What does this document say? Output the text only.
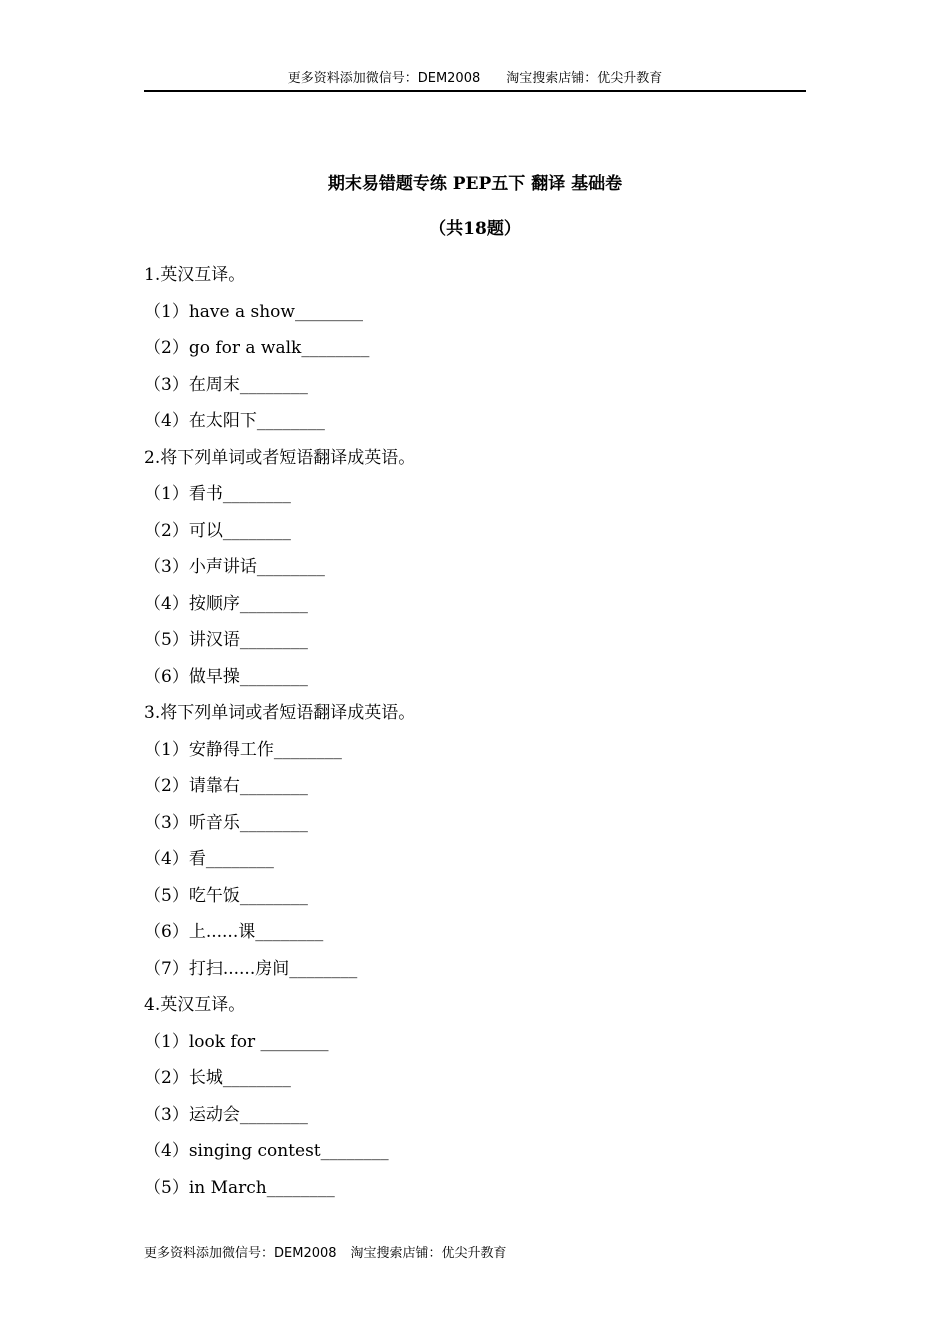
更多资料添加微信号：DEM2008 淘宝搜索店铺：优尖升教育
期末易错题专练 PEP五下 翻译 基础卷
（共18题）
1.英汉互译。
（1）have a show________
（2）go for a walk________
（3）在周末________
（4）在太阳下________
2.将下列单词或者短语翻译成英语。
（1）看书________
（2）可以________
（3）小声讲话________
（4）按顺序________
（5）讲汉语________
（6）做早操________
3.将下列单词或者短语翻译成英语。
（1）安静得工作________
（2）请靠右________
（3）听音乐________
（4）看________
（5）吃午饭________
（6）上......课________
（7）打扫......房间________
4.英汉互译。
（1）look for ________
（2）长城________
（3）运动会________
（4）singing contest________
（5）in March________
更多资料添加微信号：DEM2008 淘宝搜索店铺：优尖升教育
